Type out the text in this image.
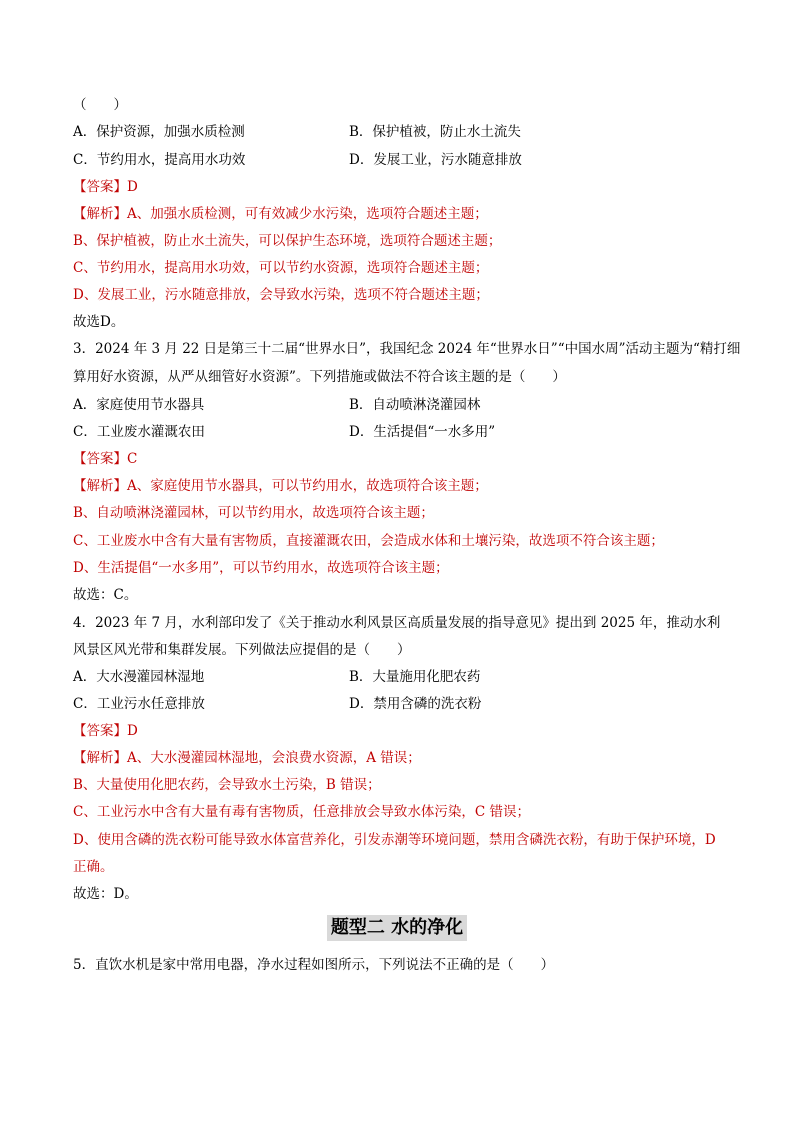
（　　）
A．保护资源，加强水质检测	B．保护植被，防止水土流失
C．节约用水，提高用水功效	D．发展工业，污水随意排放
【答案】D
【解析】A、加强水质检测，可有效减少水污染，选项符合题述主题；
B、保护植被，防止水土流失，可以保护生态环境，选项符合题述主题；
C、节约用水，提高用水功效，可以节约水资源，选项符合题述主题；
D、发展工业，污水随意排放，会导致水污染，选项不符合题述主题；
故选D。
3．2024 年 3 月 22 日是第三十二届“世界水日”，我国纪念 2024 年“世界水日”“中国水周”活动主题为“精打细
算用好水资源，从严从细管好水资源”。下列措施或做法不符合该主题的是（　　）
A．家庭使用节水器具	B．自动喷淋浇灌园林
C．工业废水灌溉农田	D．生活提倡“一水多用”
【答案】C
【解析】A、家庭使用节水器具，可以节约用水，故选项符合该主题；
B、自动喷淋浇灌园林，可以节约用水，故选项符合该主题；
C、工业废水中含有大量有害物质，直接灌溉农田，会造成水体和土壤污染，故选项不符合该主题；
D、生活提倡“一水多用”，可以节约用水，故选项符合该主题；
故选：C。
4．2023 年 7 月，水利部印发了《关于推动水利风景区高质量发展的指导意见》提出到 2025 年，推动水利
风景区风光带和集群发展。下列做法应提倡的是（　　）
A．大水漫灌园林湿地	B．大量施用化肥农药
C．工业污水任意排放	D．禁用含磷的洗衣粉
【答案】D
【解析】A、大水漫灌园林湿地，会浪费水资源，A 错误；
B、大量使用化肥农药，会导致水土污染，B 错误；
C、工业污水中含有大量有毒有害物质，任意排放会导致水体污染，C 错误；
D、使用含磷的洗衣粉可能导致水体富营养化，引发赤潮等环境问题，禁用含磷洗衣粉，有助于保护环境，D
正确。
故选：D。
题型二 水的净化
5．直饮水机是家中常用电器，净水过程如图所示，下列说法不正确的是（　　）
